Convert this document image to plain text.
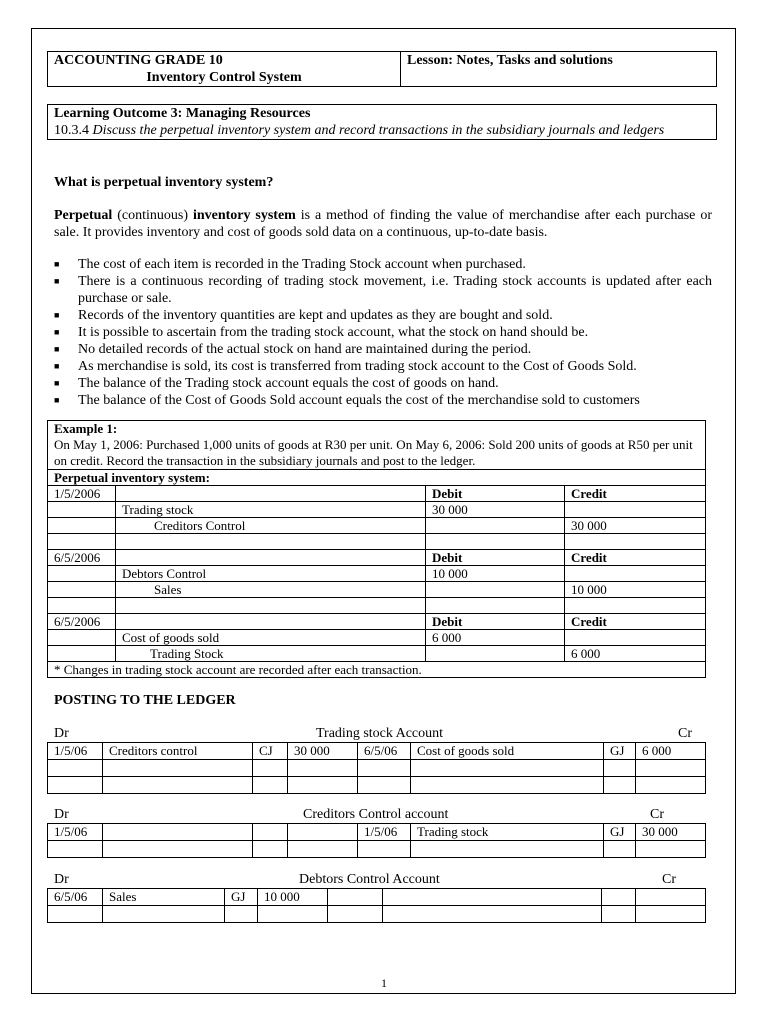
ACCOUNTING GRADE 10
Inventory Control System

Lesson: Notes, Tasks and solutions
Learning Outcome 3: Managing Resources
10.3.4 Discuss the perpetual inventory system and record transactions in the subsidiary journals and ledgers
What is perpetual inventory system?
Perpetual (continuous) inventory system is a method of finding the value of merchandise after each purchase or sale. It provides inventory and cost of goods sold data on a continuous, up-to-date basis.
■ The cost of each item is recorded in the Trading Stock account when purchased.
■ There is a continuous recording of trading stock movement, i.e. Trading stock accounts is updated after each purchase or sale.
■ Records of the inventory quantities are kept and updates as they are bought and sold.
■ It is possible to ascertain from the trading stock account, what the stock on hand should be.
■ No detailed records of the actual stock on hand are maintained during the period.
■ As merchandise is sold, its cost is transferred from trading stock account to the Cost of Goods Sold.
■ The balance of the Trading stock account equals the cost of goods on hand.
■ The balance of the Cost of Goods Sold account equals the cost of the merchandise sold to customers
Example 1:
On May 1, 2006: Purchased 1,000 units of goods at R30 per unit. On May 6, 2006: Sold 200 units of goods at R50 per unit on credit. Record the transaction in the subsidiary journals and post to the ledger.			

Perpetual inventory system:			
1/5/2006		Debit	Credit
	Trading stock	30 000	
	Creditors Control		30 000

6/5/2006		Debit	Credit
	Debtors Control	10 000	
	Sales		10 000

6/5/2006		Debit	Credit
	Cost of goods sold	6 000	
	Trading Stock		6 000
* Changes in trading stock account are recorded after each transaction.			
POSTING TO THE LEDGER
Dr	Trading stock Account	Cr
1/5/06	Creditors control	CJ	30 000	6/5/06	Cost of goods sold	GJ	6 000

Dr	Creditors Control account	Cr
1/5/06				1/5/06	Trading stock	GJ	30 000

Dr	Debtors Control Account	Cr
6/5/06	Sales	GJ	10 000				

1
